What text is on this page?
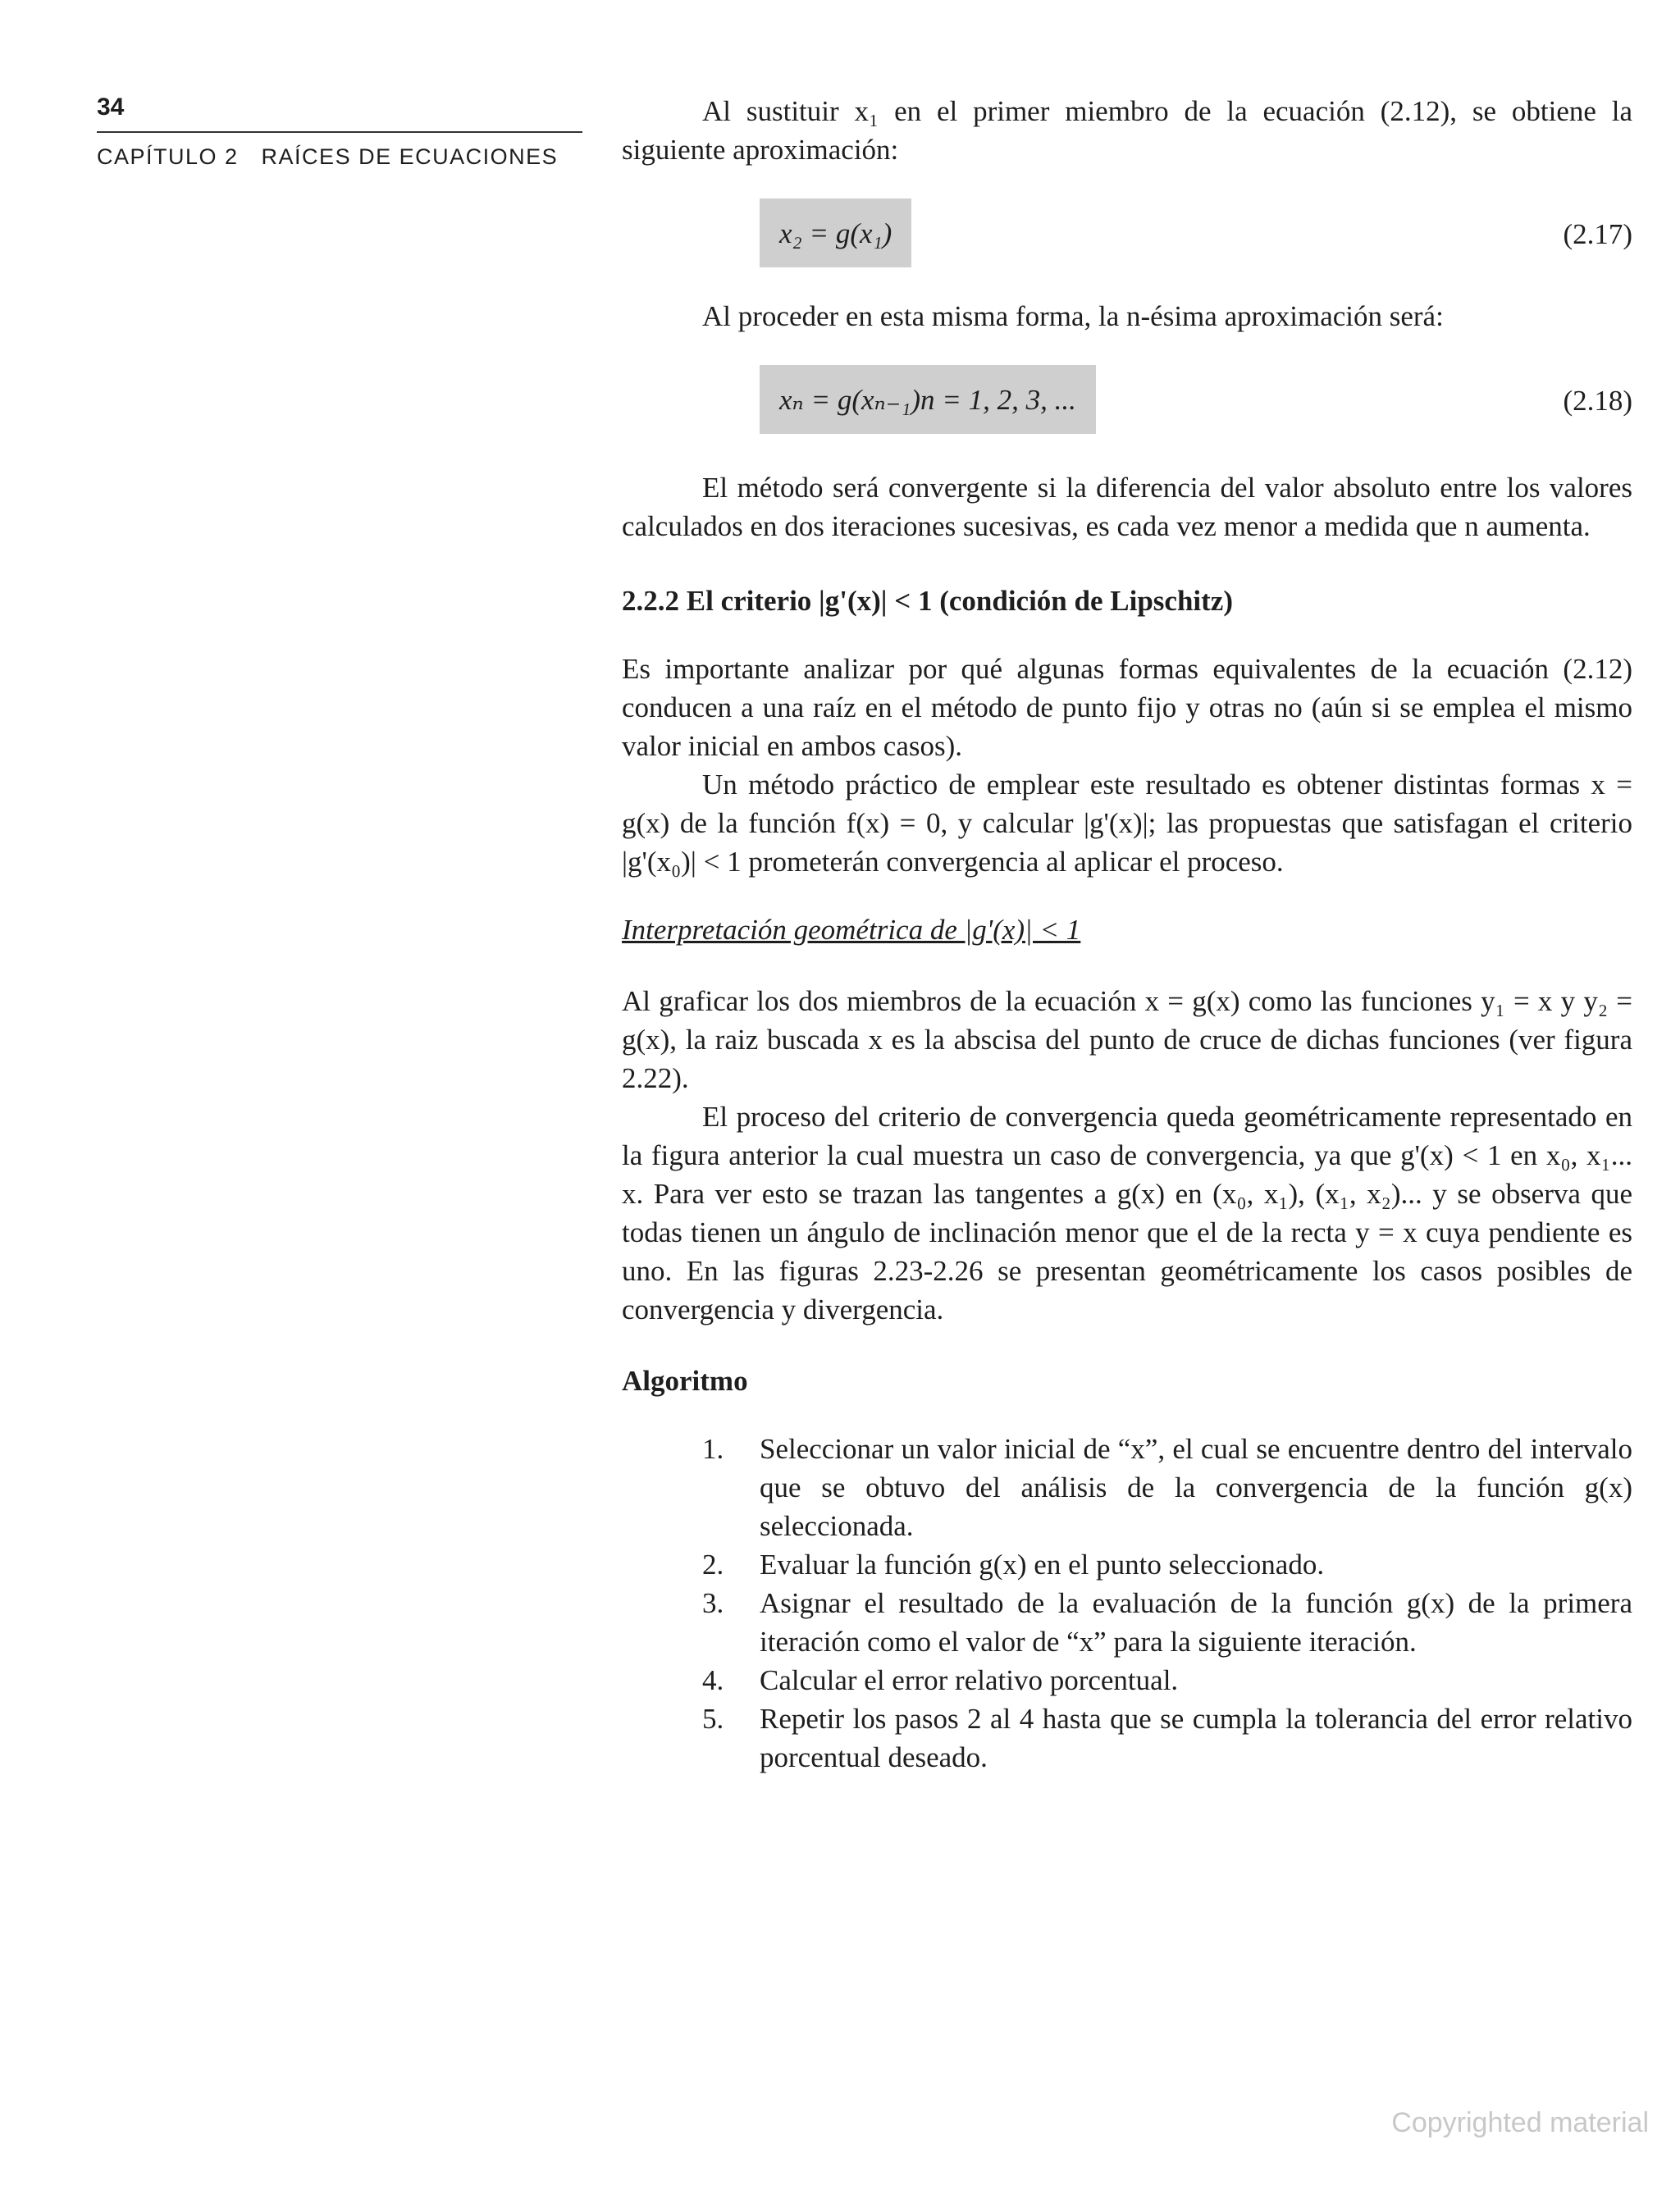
34
CAPÍTULO 2 RAÍCES DE ECUACIONES

Al sustituir x₁ en el primer miembro de la ecuación (2.12), se obtiene la siguiente aproximación:

x₂ = g(x₁)	(2.17)

Al proceder en esta misma forma, la n-ésima aproximación será:

xₙ = g(xₙ₋₁)n = 1, 2, 3, ...	(2.18)

El método será convergente si la diferencia del valor absoluto entre los valores calculados en dos iteraciones sucesivas, es cada vez menor a medida que n aumenta.

2.2.2 El criterio |g'(x)| < 1 (condición de Lipschitz)

Es importante analizar por qué algunas formas equivalentes de la ecuación (2.12) conducen a una raíz en el método de punto fijo y otras no (aún si se emplea el mismo valor inicial en ambos casos).

Un método práctico de emplear este resultado es obtener distintas formas x = g(x) de la función f(x) = 0, y calcular |g'(x)|; las propuestas que satisfagan el criterio |g'(x₀)| < 1 prometerán convergencia al aplicar el proceso.

Interpretación geométrica de |g'(x)| < 1

Al graficar los dos miembros de la ecuación x = g(x) como las funciones y₁ = x y y₂ = g(x), la raiz buscada x es la abscisa del punto de cruce de dichas funciones (ver figura 2.22).

El proceso del criterio de convergencia queda geométricamente representado en la figura anterior la cual muestra un caso de convergencia, ya que g'(x) < 1 en x₀, x₁... x. Para ver esto se trazan las tangentes a g(x) en (x₀, x₁), (x₁, x₂)... y se observa que todas tienen un ángulo de inclinación menor que el de la recta y = x cuya pendiente es uno. En las figuras 2.23-2.26 se presentan geométricamente los casos posibles de convergencia y divergencia.

Algoritmo

1. Seleccionar un valor inicial de “x”, el cual se encuentre dentro del intervalo que se obtuvo del análisis de la convergencia de la función g(x) seleccionada.
2. Evaluar la función g(x) en el punto seleccionado.
3. Asignar el resultado de la evaluación de la función g(x) de la primera iteración como el valor de “x” para la siguiente iteración.
4. Calcular el error relativo porcentual.
5. Repetir los pasos 2 al 4 hasta que se cumpla la tolerancia del error relativo porcentual deseado.
Copyrighted material
